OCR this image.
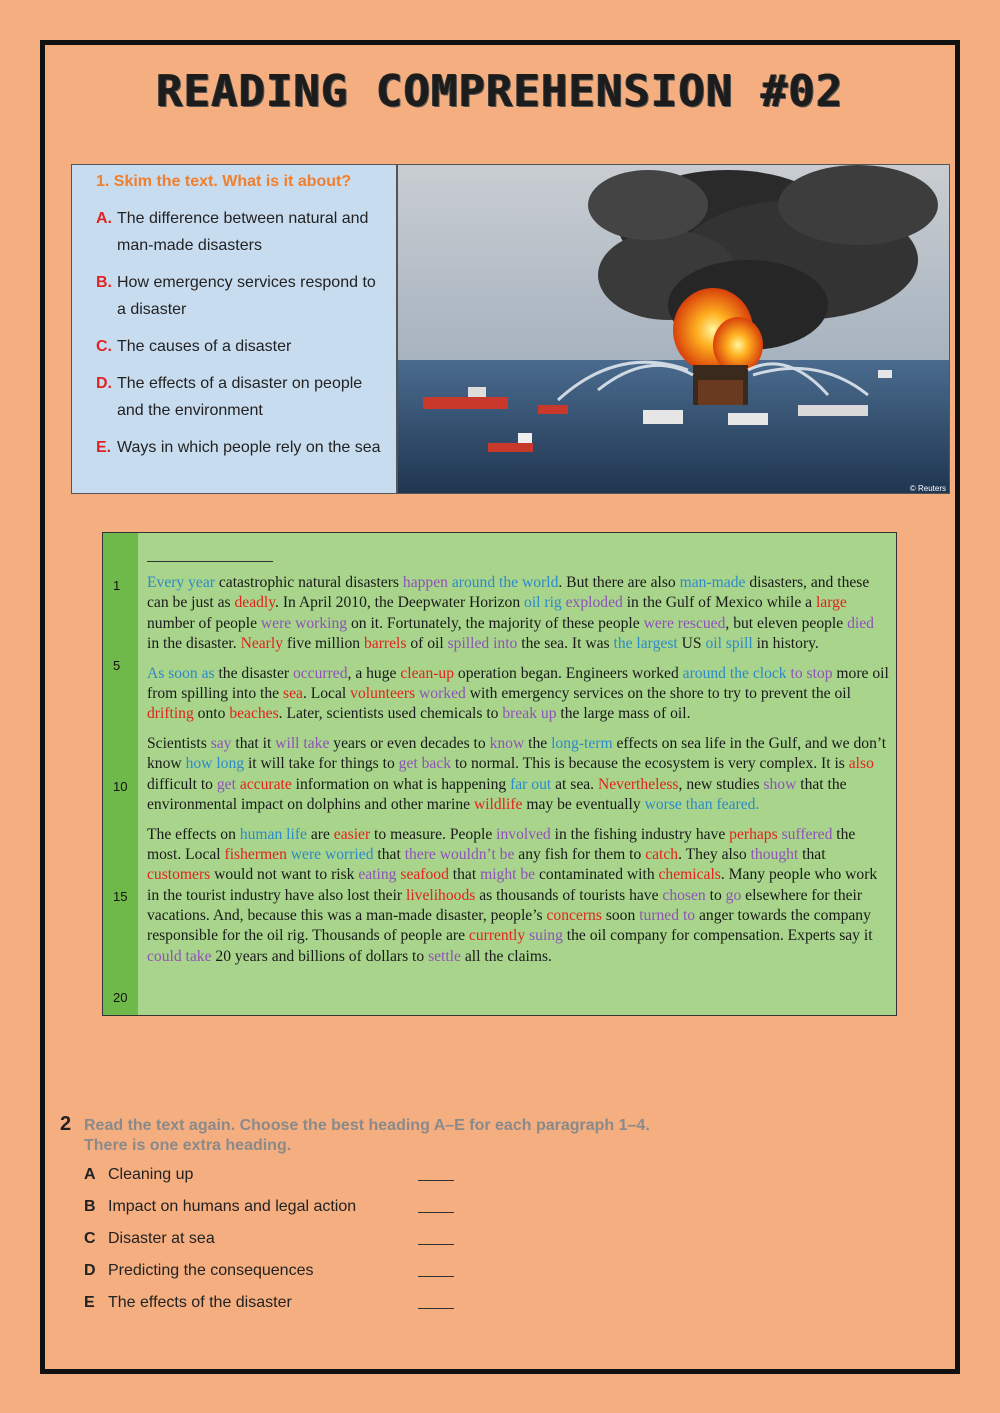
READING COMPREHENSION #02
1. Skim the text. What is it about?
A. The difference between natural and man-made disasters
B. How emergency services respond to a disaster
C. The causes of a disaster
D. The effects of a disaster on people and the environment
E. Ways in which people rely on the sea
© Reuters
1
5
10
15
20

Every year catastrophic natural disasters happen around the world. But there are also man-made disasters, and these can be just as deadly. In April 2010, the Deepwater Horizon oil rig exploded in the Gulf of Mexico while a large number of people were working on it. Fortunately, the majority of these people were rescued, but eleven people died in the disaster. Nearly five million barrels of oil spilled into the sea. It was the largest US oil spill in history.

As soon as the disaster occurred, a huge clean-up operation began. Engineers worked around the clock to stop more oil from spilling into the sea. Local volunteers worked with emergency services on the shore to try to prevent the oil drifting onto beaches. Later, scientists used chemicals to break up the large mass of oil.

Scientists say that it will take years or even decades to know the long-term effects on sea life in the Gulf, and we don’t know how long it will take for things to get back to normal. This is because the ecosystem is very complex. It is also difficult to get accurate information on what is happening far out at sea. Nevertheless, new studies show that the environmental impact on dolphins and other marine wildlife may be eventually worse than feared.

The effects on human life are easier to measure. People involved in the fishing industry have perhaps suffered the most. Local fishermen were worried that there wouldn’t be any fish for them to catch. They also thought that customers would not want to risk eating seafood that might be contaminated with chemicals. Many people who work in the tourist industry have also lost their livelihoods as thousands of tourists have chosen to go elsewhere for their vacations. And, because this was a man-made disaster, people’s concerns soon turned to anger towards the company responsible for the oil rig. Thousands of people are currently suing the oil company for compensation. Experts say it could take 20 years and billions of dollars to settle all the claims.

2 Read the text again. Choose the best heading A–E for each paragraph 1–4.
There is one extra heading.
A Cleaning up
B Impact on humans and legal action
C Disaster at sea
D Predicting the consequences
E The effects of the disaster
